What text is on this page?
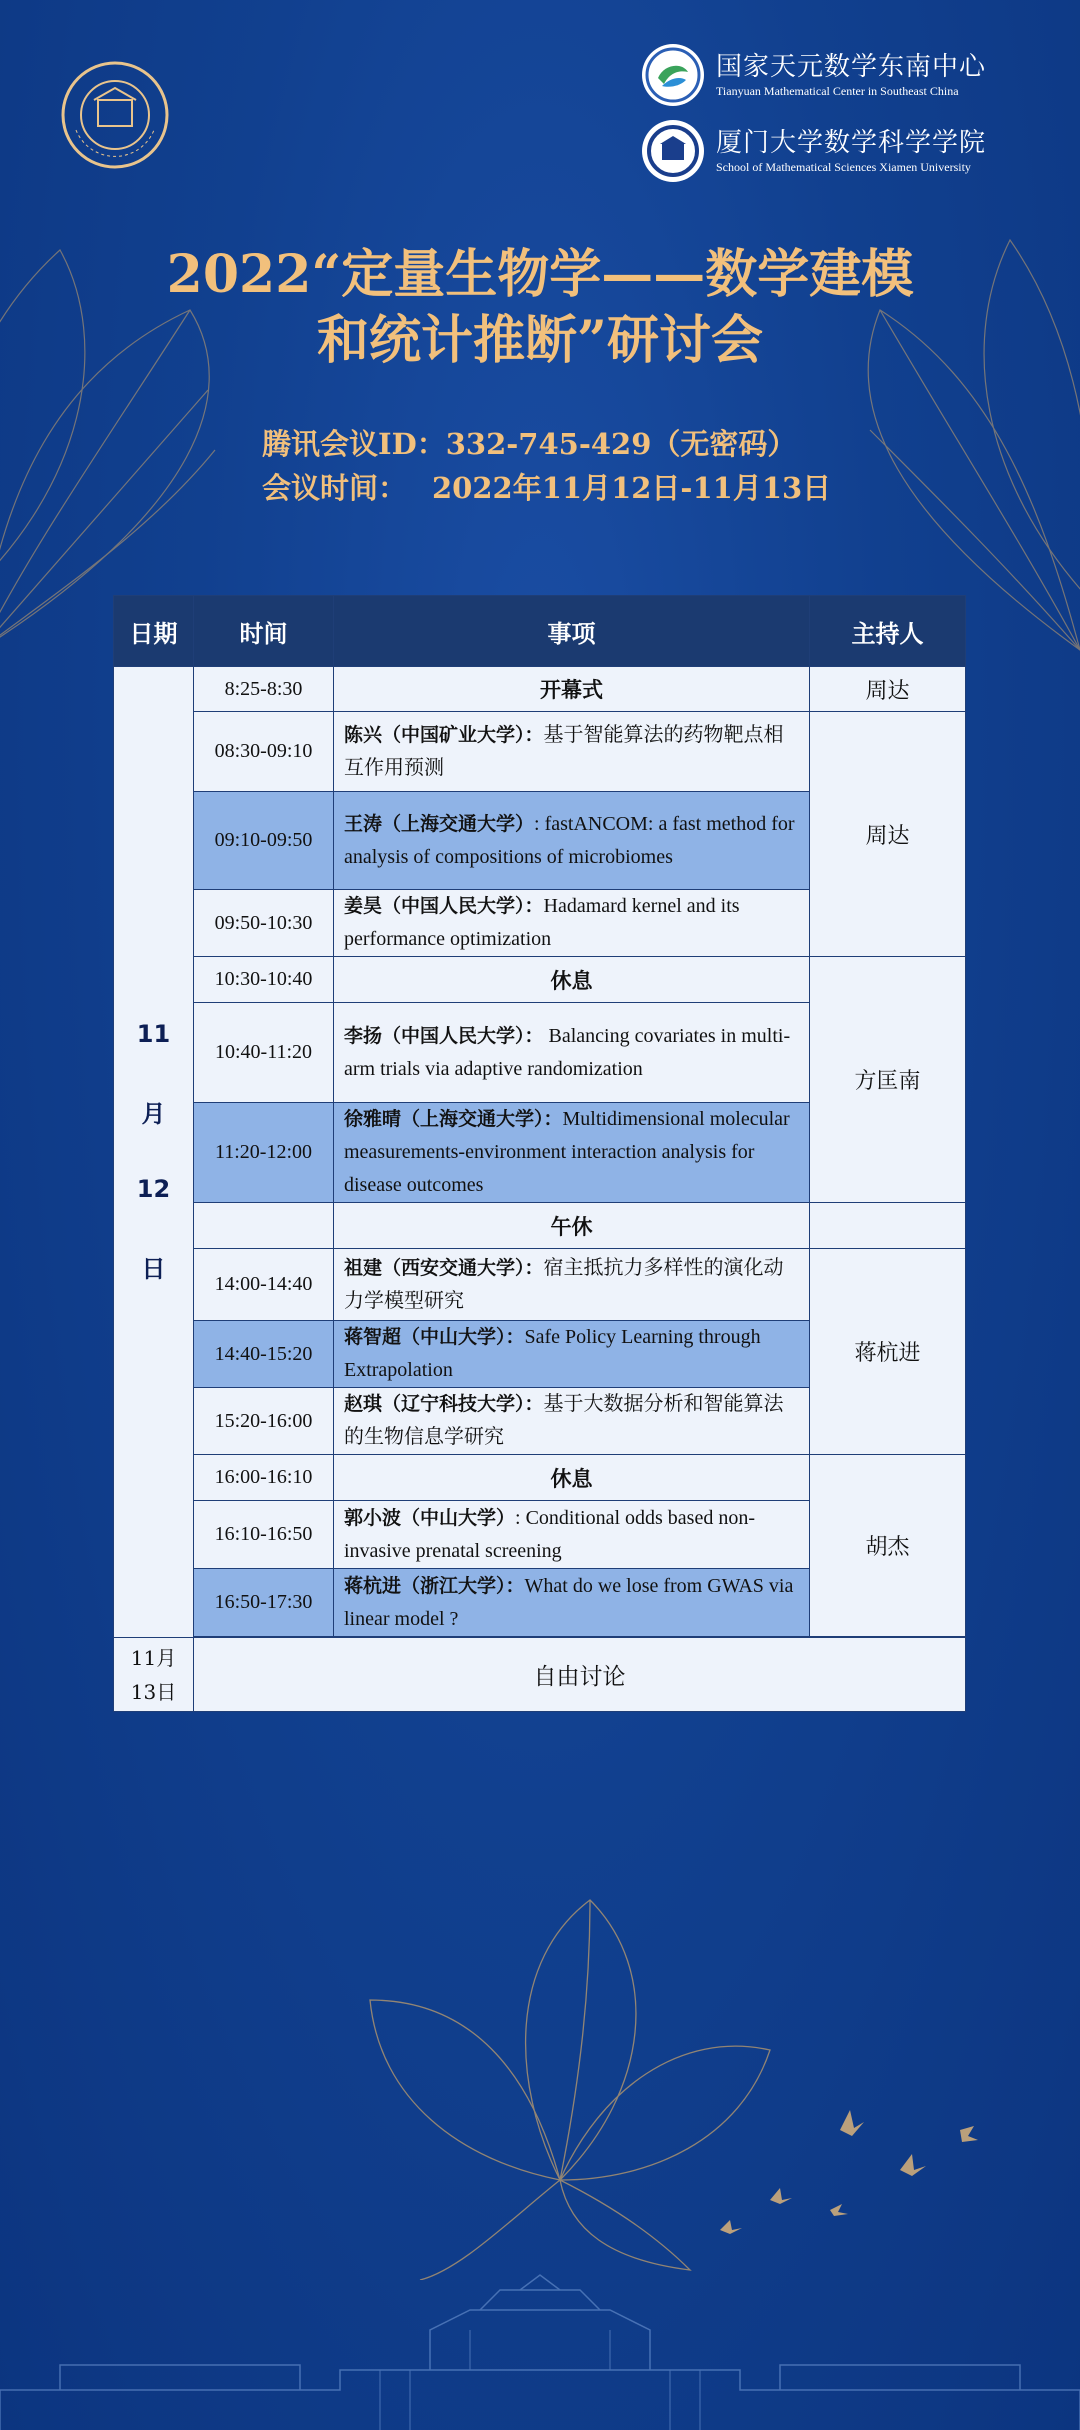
国家天元数学东南中心
Tianyuan Mathematical Center in Southeast China
厦门大学数学科学学院
School of Mathematical Sciences Xiamen University
2022“定量生物学——数学建模
和统计推断”研讨会
腾讯会议ID：332-745-429（无密码）
会议时间： 2022年11月12日-11月13日
日期	时间	事项	主持人

11
月
12
日	8:25-8:30	开幕式	周达
	08:30-09:10	陈兴（中国矿业大学）：基于智能算法的药物靶点相互作用预测	周达
	09:10-09:50	王涛（上海交通大学）: fastANCOM: a fast method for analysis of compositions of microbiomes	
	09:50-10:30	姜昊（中国人民大学）：Hadamard kernel and its performance optimization	
	10:30-10:40	休息	方匡南
	10:40-11:20	李扬（中国人民大学）： Balancing covariates in multi-arm trials via adaptive randomization	
	11:20-12:00	徐雅晴（上海交通大学）：Multidimensional molecular measurements-environment interaction analysis for disease outcomes	
		午休	
	14:00-14:40	祖建（西安交通大学）：宿主抵抗力多样性的演化动力学模型研究	蒋杭进
	14:40-15:20	蒋智超（中山大学）：Safe Policy Learning through Extrapolation	
	15:20-16:00	赵琪（辽宁科技大学）：基于大数据分析和智能算法的生物信息学研究	
	16:00-16:10	休息	胡杰
	16:10-16:50	郭小波（中山大学）: Conditional odds based non-invasive prenatal screening	
	16:50-17:30	蒋杭进（浙江大学）：What do we lose from GWAS via linear model ?	

11月
13日	自由讨论		
